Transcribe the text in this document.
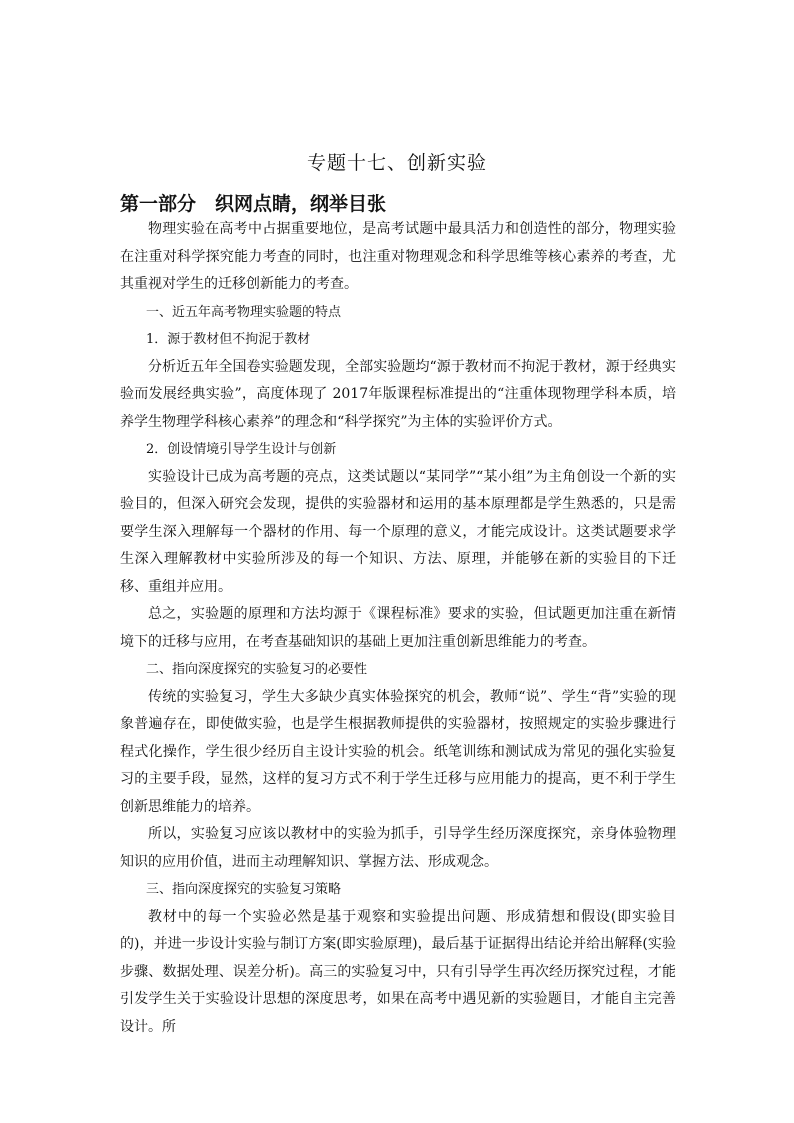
专题十七、创新实验
第一部分　织网点睛，纲举目张

物理实验在高考中占据重要地位，是高考试题中最具活力和创造性的部分，物理实验在注重对科学探究能力考查的同时，也注重对物理观念和科学思维等核心素养的考查，尤其重视对学生的迁移创新能力的考查。

一、近五年高考物理实验题的特点

1．源于教材但不拘泥于教材

分析近五年全国卷实验题发现，全部实验题均“源于教材而不拘泥于教材，源于经典实验而发展经典实验”，高度体现了 2017年版课程标准提出的“注重体现物理学科本质，培养学生物理学科核心素养”的理念和“科学探究”为主体的实验评价方式。

2．创设情境引导学生设计与创新

实验设计已成为高考题的亮点，这类试题以“某同学”“某小组”为主角创设一个新的实验目的，但深入研究会发现，提供的实验器材和运用的基本原理都是学生熟悉的，只是需要学生深入理解每一个器材的作用、每一个原理的意义，才能完成设计。这类试题要求学生深入理解教材中实验所涉及的每一个知识、方法、原理，并能够在新的实验目的下迁移、重组并应用。

总之，实验题的原理和方法均源于《课程标准》要求的实验，但试题更加注重在新情境下的迁移与应用，在考查基础知识的基础上更加注重创新思维能力的考查。

二、指向深度探究的实验复习的必要性

传统的实验复习，学生大多缺少真实体验探究的机会，教师“说”、学生“背”实验的现象普遍存在，即使做实验，也是学生根据教师提供的实验器材，按照规定的实验步骤进行程式化操作，学生很少经历自主设计实验的机会。纸笔训练和测试成为常见的强化实验复习的主要手段，显然，这样的复习方式不利于学生迁移与应用能力的提高，更不利于学生创新思维能力的培养。

所以，实验复习应该以教材中的实验为抓手，引导学生经历深度探究，亲身体验物理知识的应用价值，进而主动理解知识、掌握方法、形成观念。

三、指向深度探究的实验复习策略

教材中的每一个实验必然是基于观察和实验提出问题、形成猜想和假设(即实验目的)，并进一步设计实验与制订方案(即实验原理)，最后基于证据得出结论并给出解释(实验步骤、数据处理、误差分析)。高三的实验复习中，只有引导学生再次经历探究过程，才能引发学生关于实验设计思想的深度思考，如果在高考中遇见新的实验题目，才能自主完善设计。所
